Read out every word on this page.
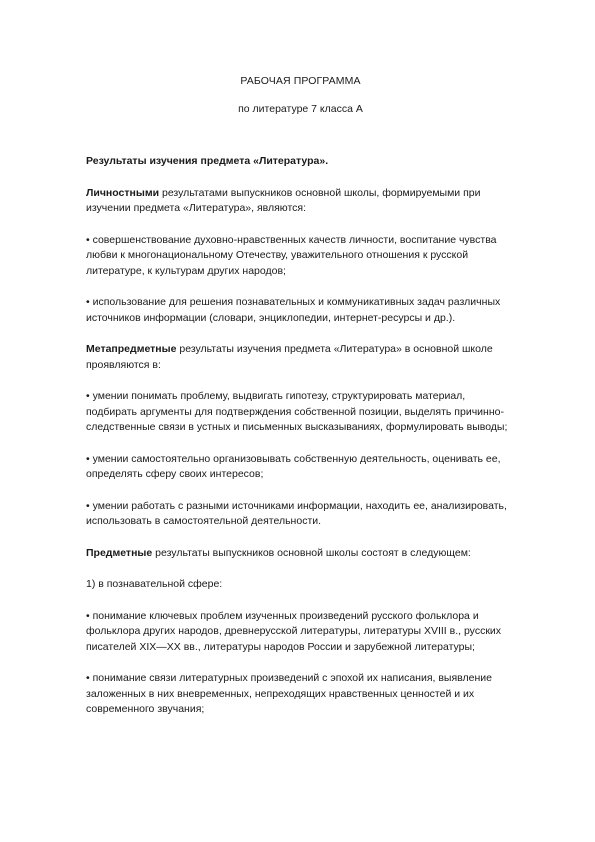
РАБОЧАЯ ПРОГРАММА
по литературе 7 класса А
Результаты изучения предмета «Литература».
Личностными результатами выпускников основной школы, формируемыми при изучении предмета «Литература», являются:
• совершенствование духовно-нравственных качеств личности, воспитание чувства любви к многонациональному Отечеству, уважительного отношения к русской литературе, к культурам других народов;
• использование для решения познавательных и коммуникативных задач различных источников информации (словари, энциклопедии, интернет-ресурсы и др.).
Метапредметные результаты изучения предмета «Литература» в основной школе проявляются в:
• умении понимать проблему, выдвигать гипотезу, структурировать материал, подбирать аргументы для подтверждения собственной позиции, выделять причинно-следственные связи в устных и письменных высказываниях, формулировать выводы;
• умении самостоятельно организовывать собственную деятельность, оценивать ее, определять сферу своих интересов;
• умении работать с разными источниками информации, находить ее, анализировать, использовать в самостоятельной деятельности.
Предметные результаты выпускников основной школы состоят в следующем:
1) в познавательной сфере:
• понимание ключевых проблем изученных произведений русского фольклора и фольклора других народов, древнерусской литературы, литературы XVIII в., русских писателей XIX—XX вв., литературы народов России и зарубежной литературы;
• понимание связи литературных произведений с эпохой их написания, выявление заложенных в них вневременных, непреходящих нравственных ценностей и их современного звучания;
